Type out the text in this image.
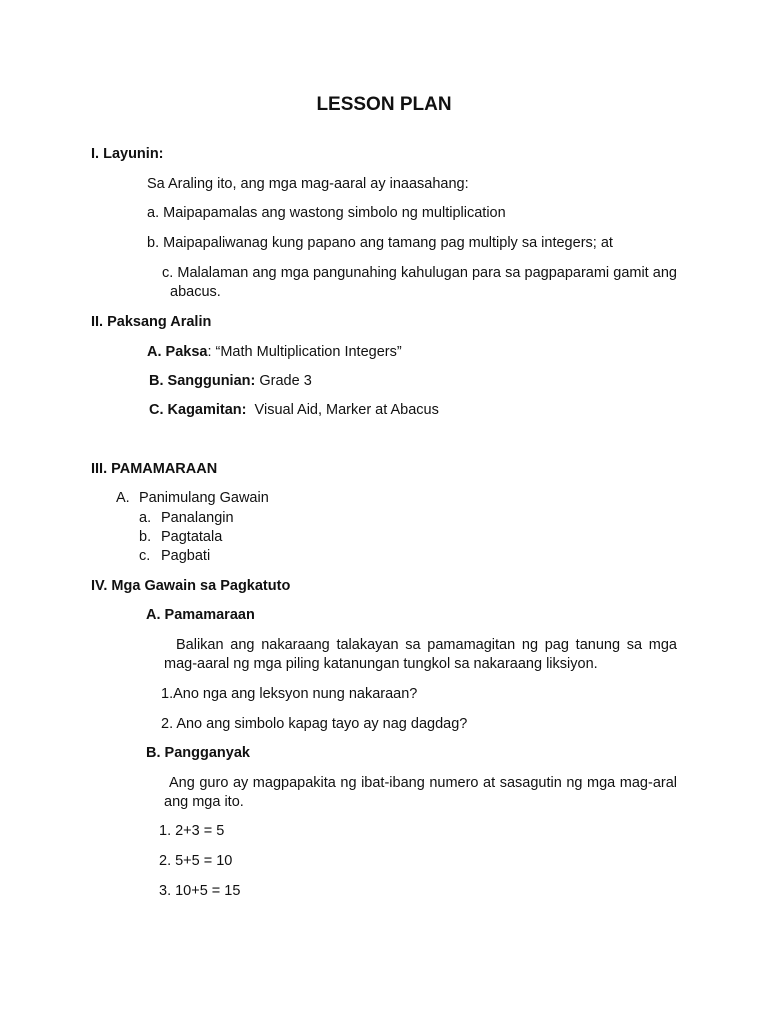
LESSON PLAN
I. Layunin:
Sa Araling ito, ang mga mag-aaral ay inaasahang:
a. Maipapamalas ang wastong simbolo ng multiplication
b. Maipapaliwanag kung papano ang tamang pag multiply sa integers; at
c. Malalaman ang mga pangunahing kahulugan para sa pagpaparami gamit ang abacus.
II. Paksang Aralin
A. Paksa: “Math Multiplication Integers”
B. Sanggunian: Grade 3
C. Kagamitan:  Visual Aid, Marker at Abacus
III. PAMAMARAAN
A. Panimulang Gawain
a. Panalangin
b. Pagtatala
c. Pagbati
IV. Mga Gawain sa Pagkatuto
A. Pamamaraan
Balikan ang nakaraang talakayan sa pamamagitan ng pag tanung sa mga mag-aaral ng mga piling katanungan tungkol sa nakaraang liksiyon.
1.Ano nga ang leksyon nung nakaraan?
2. Ano ang simbolo kapag tayo ay nag dagdag?
B. Pangganyak
Ang guro ay magpapakita ng ibat-ibang numero at sasagutin ng mga mag-aral ang mga ito.
1. 2+3 = 5
2. 5+5 = 10
3. 10+5 = 15
